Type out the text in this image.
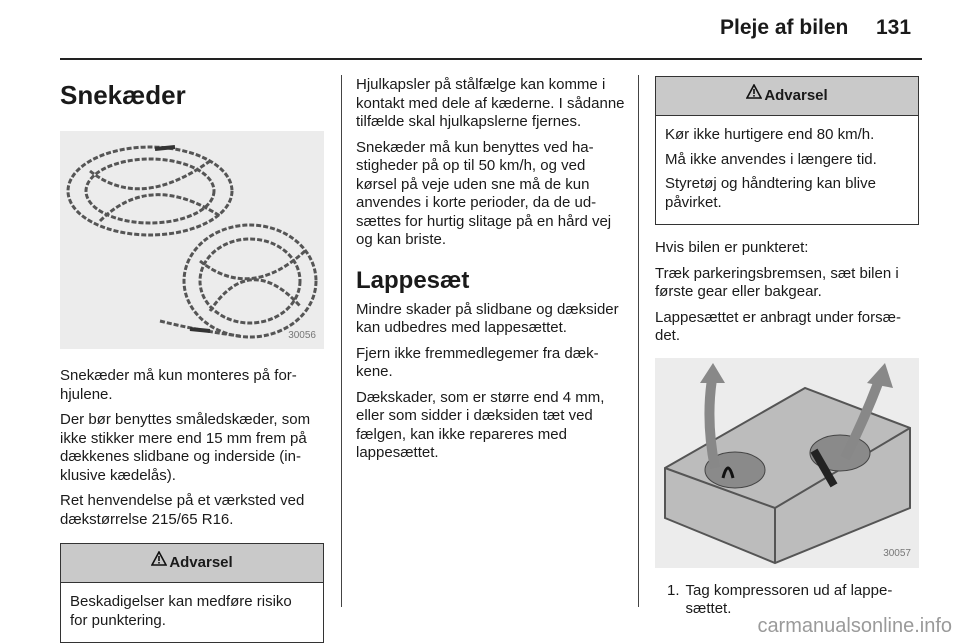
Pleje af bilen 131
Snekæder
30056

Snekæder må kun monteres på forhjulene.

Der bør benyttes småledskæder, som ikke stikker mere end 15 mm frem på dækkenes slidbane og inderside (inklusive kædelås).

Ret henvendelse på et værksted ved dækstørrelse 215/65 R16.

Advarsel

Beskadigelser kan medføre risiko for punktering.

Hjulkapsler på stålfælge kan komme i kontakt med dele af kæderne. I sådanne tilfælde skal hjulkapslerne fjernes.

Snekæder må kun benyttes ved hastigheder på op til 50 km/h, og ved kørsel på veje uden sne må de kun anvendes i korte perioder, da de udsættes for hurtig slitage på en hård vej og kan briste.

Lappesæt

Mindre skader på slidbane og dæksider kan udbedres med lappesættet.

Fjern ikke fremmedlegemer fra dækkene.

Dækskader, som er større end 4 mm, eller som sidder i dæksiden tæt ved fælgen, kan ikke repareres med lappesættet.

Advarsel

Kør ikke hurtigere end 80 km/h.

Må ikke anvendes i længere tid.

Styretøj og håndtering kan blive påvirket.

Hvis bilen er punkteret:

Træk parkeringsbremsen, sæt bilen i første gear eller bakgear.

Lappesættet er anbragt under forsædet.

30057
1. Tag kompressoren ud af lappesættet.
carmanualsonline.info
